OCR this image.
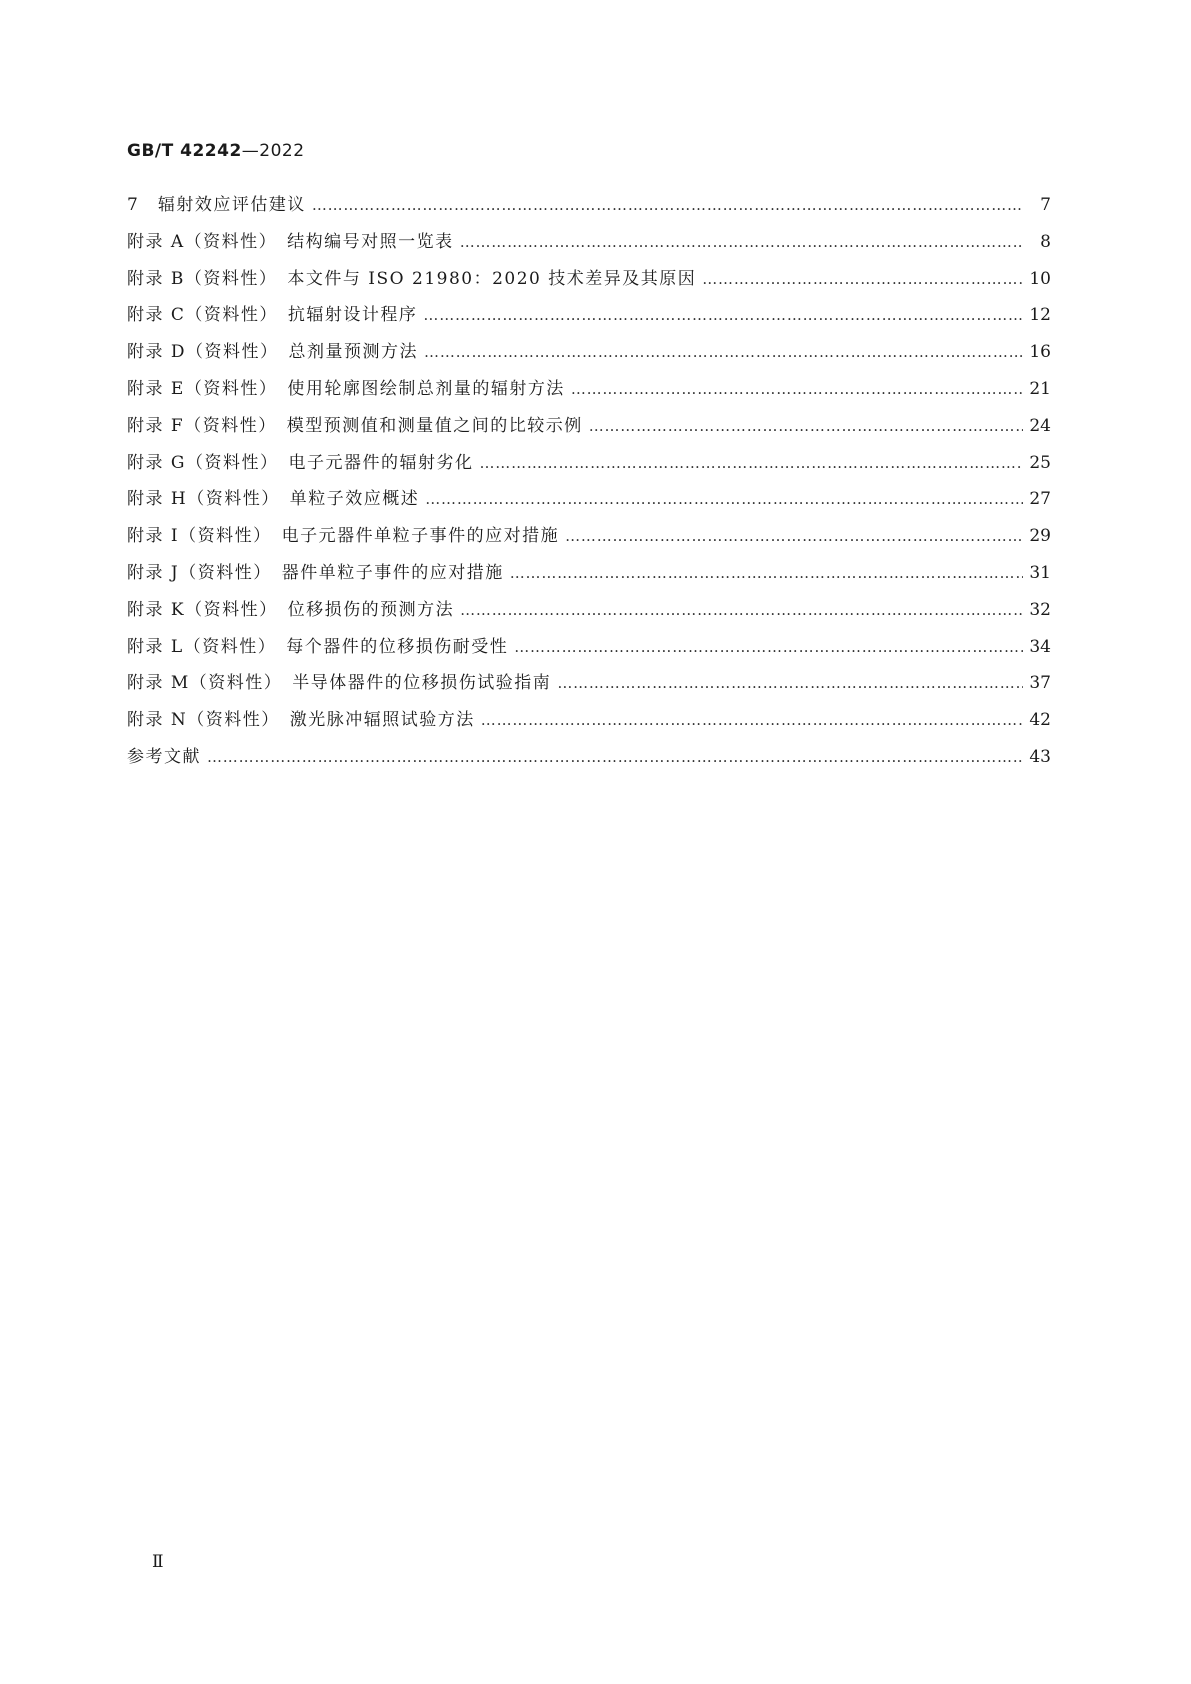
GB/T 42242—2022
7　辐射效应评估建议 ……………………………………………………………………………………………………………………………………………………………………………	7
附录 A（资料性）　结构编号对照一览表 ……………………………………………………………………………………………………………………………………………………………………………	8
附录 B（资料性）　本文件与 ISO 21980：2020 技术差异及其原因 ……………………………………………………………………………………………………………………………………………………………………………	10
附录 C（资料性）　抗辐射设计程序 ……………………………………………………………………………………………………………………………………………………………………………	12
附录 D（资料性）　总剂量预测方法 ……………………………………………………………………………………………………………………………………………………………………………	16
附录 E（资料性）　使用轮廓图绘制总剂量的辐射方法 ……………………………………………………………………………………………………………………………………………………………………………	21
附录 F（资料性）　模型预测值和测量值之间的比较示例 ……………………………………………………………………………………………………………………………………………………………………………	24
附录 G（资料性）　电子元器件的辐射劣化 ……………………………………………………………………………………………………………………………………………………………………………	25
附录 H（资料性）　单粒子效应概述 ……………………………………………………………………………………………………………………………………………………………………………	27
附录 I（资料性）　电子元器件单粒子事件的应对措施 ……………………………………………………………………………………………………………………………………………………………………………	29
附录 J（资料性）　器件单粒子事件的应对措施 ……………………………………………………………………………………………………………………………………………………………………………	31
附录 K（资料性）　位移损伤的预测方法 ……………………………………………………………………………………………………………………………………………………………………………	32
附录 L（资料性）　每个器件的位移损伤耐受性 ……………………………………………………………………………………………………………………………………………………………………………	34
附录 M（资料性）　半导体器件的位移损伤试验指南 ……………………………………………………………………………………………………………………………………………………………………………	37
附录 N（资料性）　激光脉冲辐照试验方法 ……………………………………………………………………………………………………………………………………………………………………………	42
参考文献 ……………………………………………………………………………………………………………………………………………………………………………	43
Ⅱ
